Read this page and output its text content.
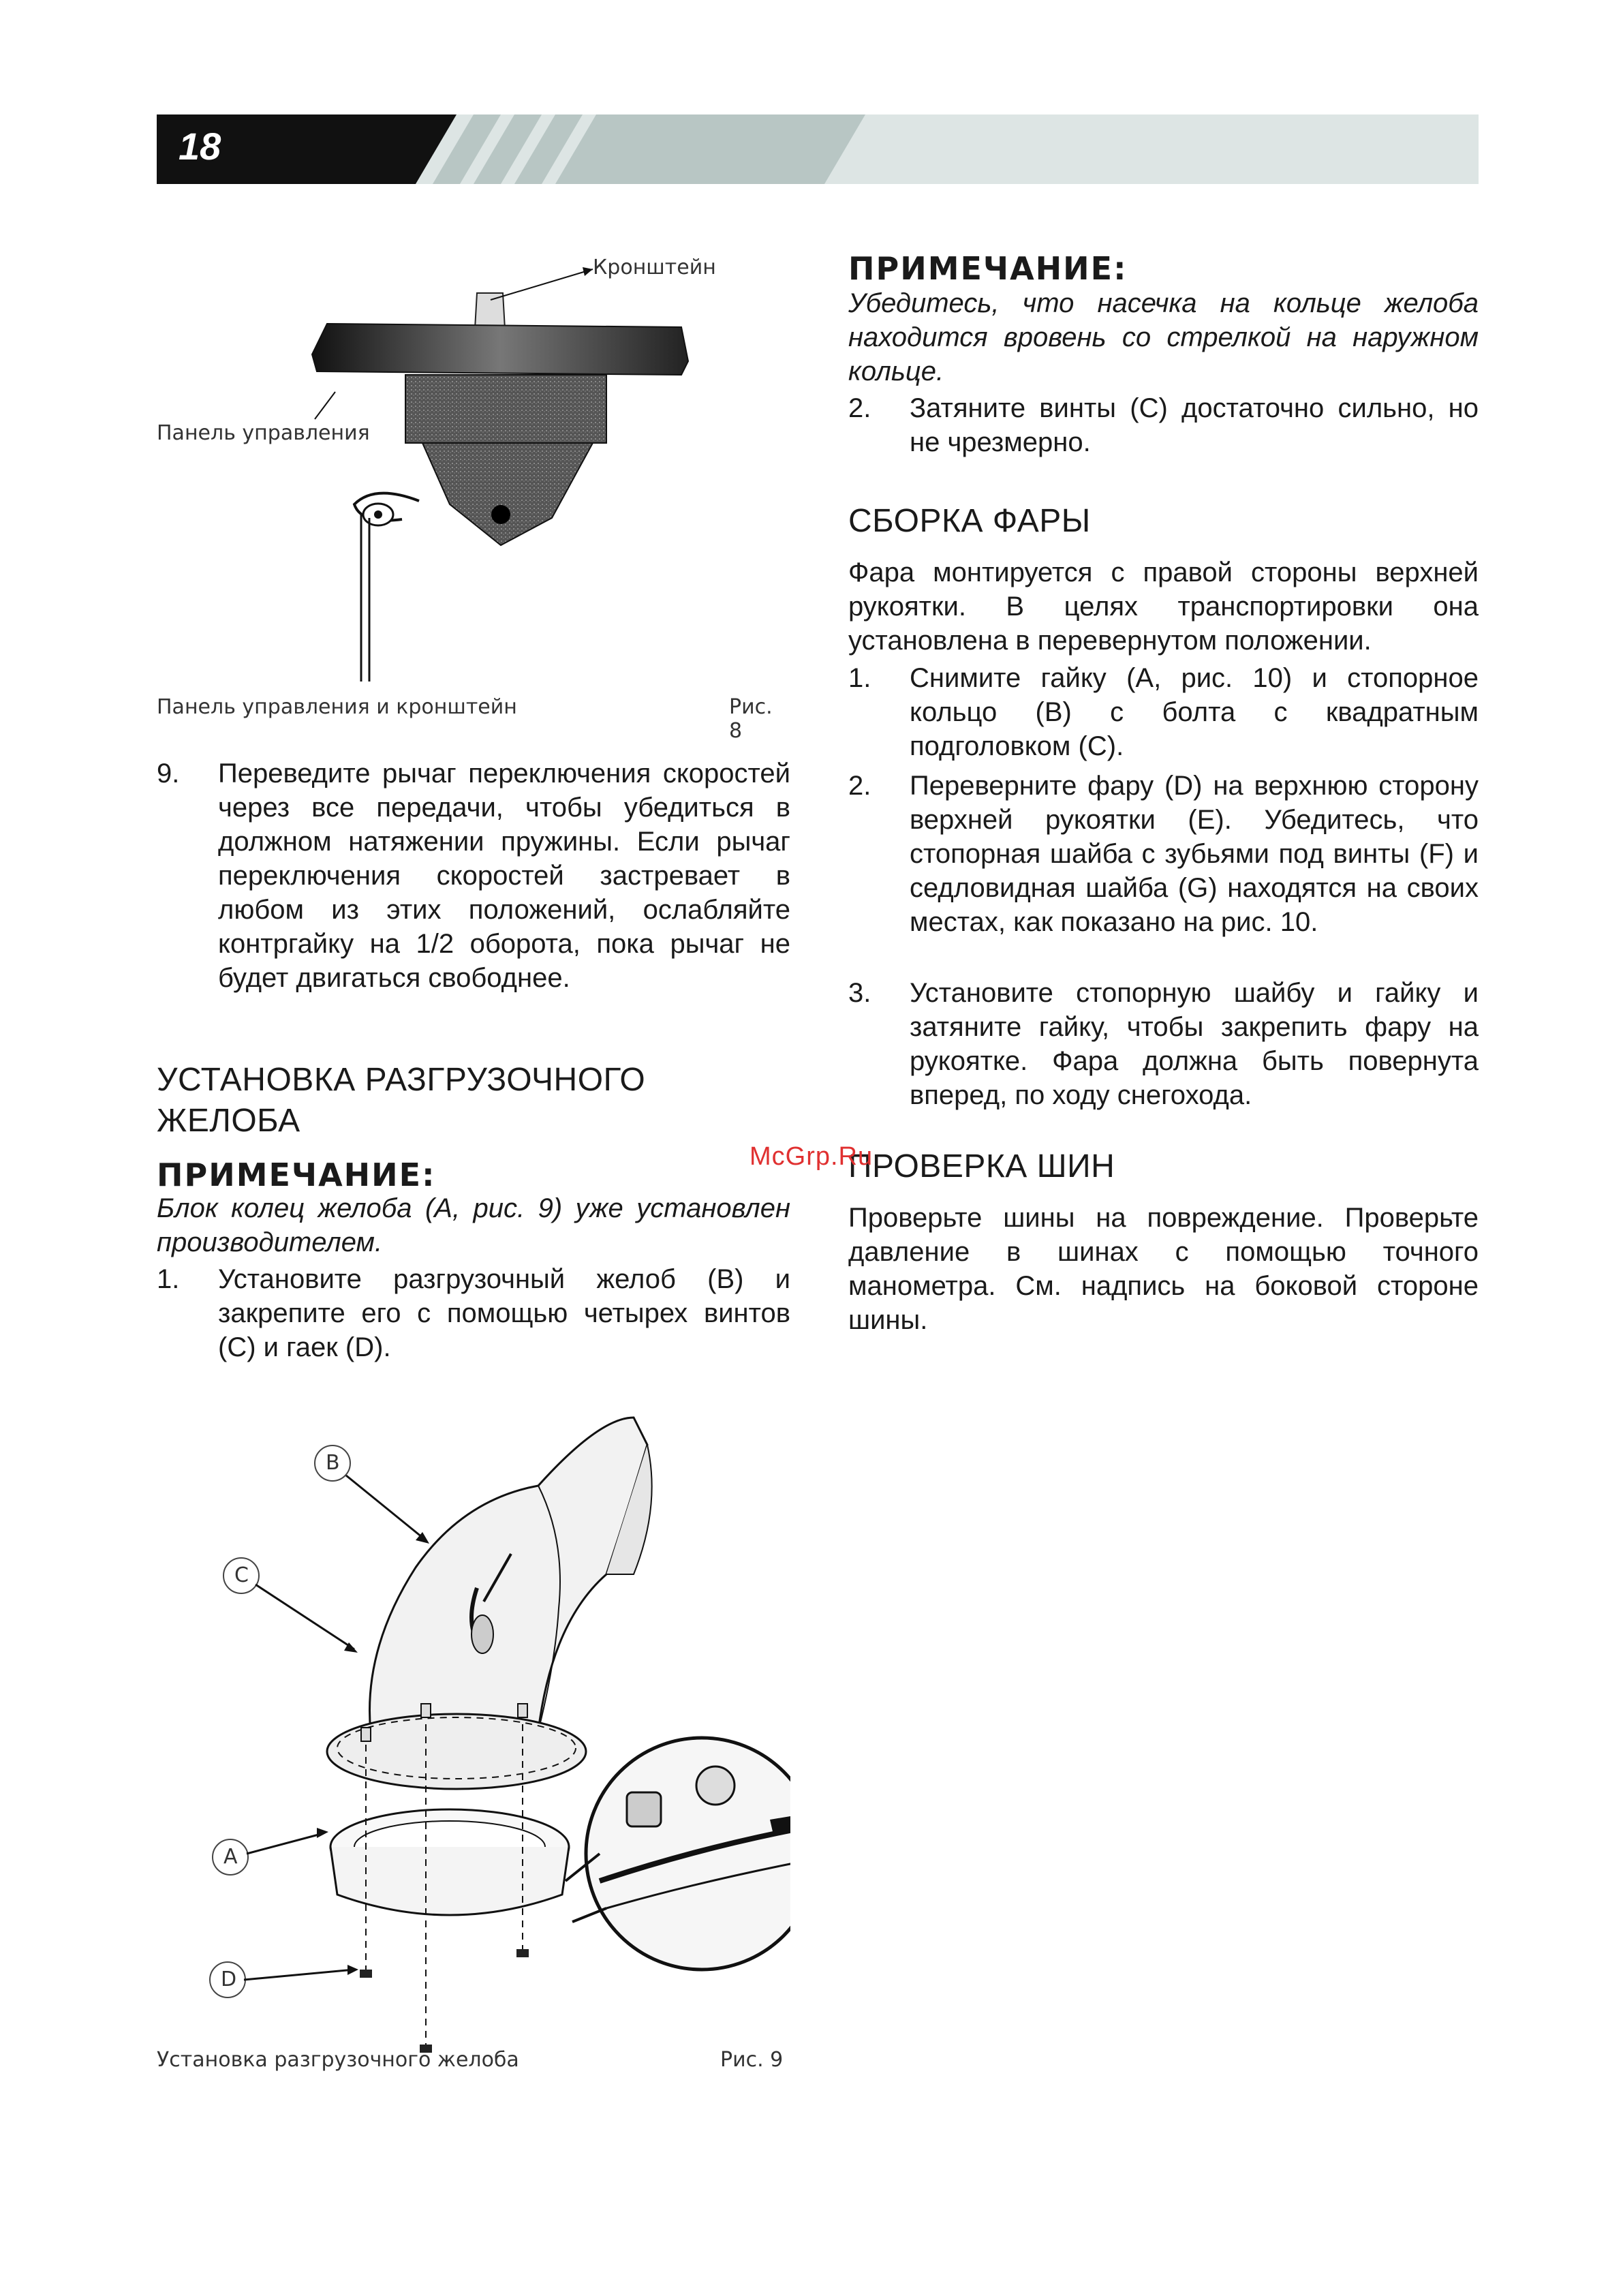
18
Кронштейн
Панель управления
Панель управления и кронштейн	Рис. 8
9. Переведите рычаг переключения скоростей через все передачи, чтобы убедиться в должном натяжении пружины. Если рычаг переключения скоростей застревает в любом из этих положений, ослабляйте контргайку на 1/2 оборота, пока рычаг не будет двигаться свободнее.
УСТАНОВКА РАЗГРУЗОЧНОГО ЖЕЛОБА
ПРИМЕЧАНИЕ:
Блок колец желоба (А, рис. 9) уже установлен производителем.
1. Установите разгрузочный желоб (В) и закрепите его с помощью четырех винтов (С) и гаек (D).
B
C
A
D
Установка разгрузочного желоба	Рис. 9
ПРИМЕЧАНИЕ:
Убедитесь, что насечка на кольце желоба находится вровень со стрелкой на наружном кольце.
2. Затяните винты (С) достаточно сильно, но не чрезмерно.
СБОРКА ФАРЫ
Фара монтируется с правой стороны верхней рукоятки. В целях транспортировки она установлена в перевернутом положении.
1. Снимите гайку (А, рис. 10) и стопорное кольцо (В) с болта с квадратным подголовком (С).
2. Переверните фару (D) на верхнюю сторону верхней рукоятки (Е). Убедитесь, что стопорная шайба с зубьями под винты (F) и седловидная шайба (G) находятся на своих местах, как показано на рис. 10.
3. Установите стопорную шайбу и гайку и затяните гайку, чтобы закрепить фару на рукоятке. Фара должна быть повернута вперед, по ходу снегохода.
ПРОВЕРКА ШИН
Проверьте шины на повреждение. Проверьте давление в шинах с помощью точного манометра. См. надпись на боковой стороне шины.
McGrp.Ru
